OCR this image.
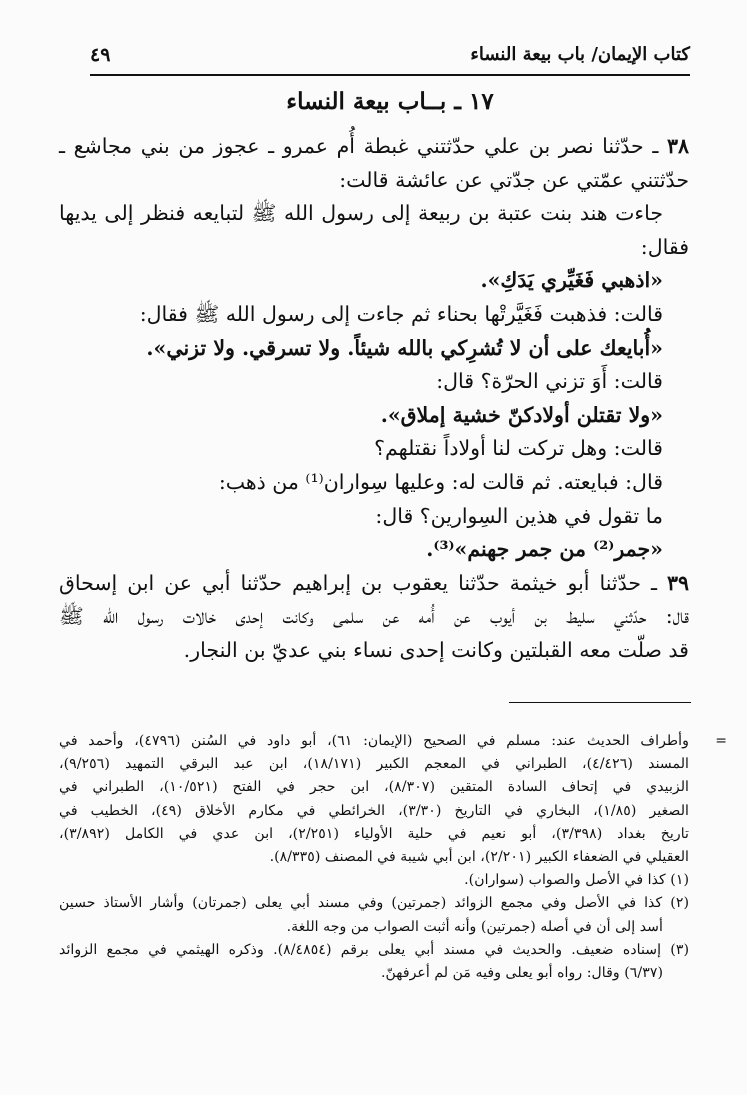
كتاب الإيمان/ باب بيعة النساء
٤٩
١٧ ـ بــاب بيعة النساء

٣٨ ـ حدّثنا نصر بن علي حدّثتني غبطة أُم عمرو ـ عجوز من بني مجاشع ـ

حدّثتني عمّتي عن جدّتي عن عائشة قالت:

جاءت هند بنت عتبة بن ربيعة إلى رسول الله ﷺ لتبايعه فنظر إلى يديها

فقال:

«اذهبي فَغَيِّري يَدَكِ».

قالت: فذهبت فَغَيَّرتْها بحناء ثم جاءت إلى رسول الله ﷺ فقال:

«أُبايعك على أن لا تُشرِكي بالله شيئاً. ولا تسرقي. ولا تزني».

قالت: أَوَ تزني الحرّة؟ قال:

«ولا تقتلن أولادكنّ خشية إملاق».

قالت: وهل تركت لنا أولاداً نقتلهم؟

قال: فبايعته. ثم قالت له: وعليها سِواران⁽¹⁾ من ذهب:

ما تقول في هذين السِوارين؟ قال:

«جمر⁽²⁾ من جمر جهنم»⁽³⁾.

٣٩ ـ حدّثنا أبو خيثمة حدّثنا يعقوب بن إبراهيم حدّثنا أبي عن ابن إسحاق

قال: حدّثني سليط بن أيوب عن أُمه عن سلمى وكانت إحدى خالات رسول الله ﷺ

قد صلّت معه القبلتين وكانت إحدى نساء بني عديّ بن النجار.

=

وأطراف الحديث عند: مسلم في الصحيح (الإيمان: ٦١)، أبو داود في السُنن (٤٧٩٦)، وأحمد في

المسند (٤/٤٢٦)، الطبراني في المعجم الكبير (١٨/١٧١)، ابن عبد البرقي التمهيد (٩/٢٥٦)،

الزبيدي في إتحاف السادة المتقين (٨/٣٠٧)، ابن حجر في الفتح (١٠/٥٢١)، الطبراني في

الصغير (١/٨٥)، البخاري في التاريخ (٣/٣٠)، الخرائطي في مكارم الأخلاق (٤٩)، الخطيب في

تاريخ بغداد (٣/٣٩٨)، أبو نعيم في حلية الأولياء (٢/٢٥١)، ابن عدي في الكامل (٣/٨٩٢)،

العقيلي في الضعفاء الكبير (٢/٢٠١)، ابن أبي شيبة في المصنف (٨/٣٣٥).

(١) كذا في الأصل والصواب (سواران).

(٢) كذا في الأصل وفي مجمع الزوائد (جمرتين) وفي مسند أبي يعلى (جمرتان) وأشار الأستاذ حسين

أسد إلى أن في أصله (جمرتين) وأنه أثبت الصواب من وجه اللغة.

(٣) إسناده ضعيف. والحديث في مسند أبي يعلى برقم (٨/٤٨٥٤). وذكره الهيثمي في مجمع الزوائد

(٦/٣٧) وقال: رواه أبو يعلى وفيه مَن لم أعرفهنّ.
